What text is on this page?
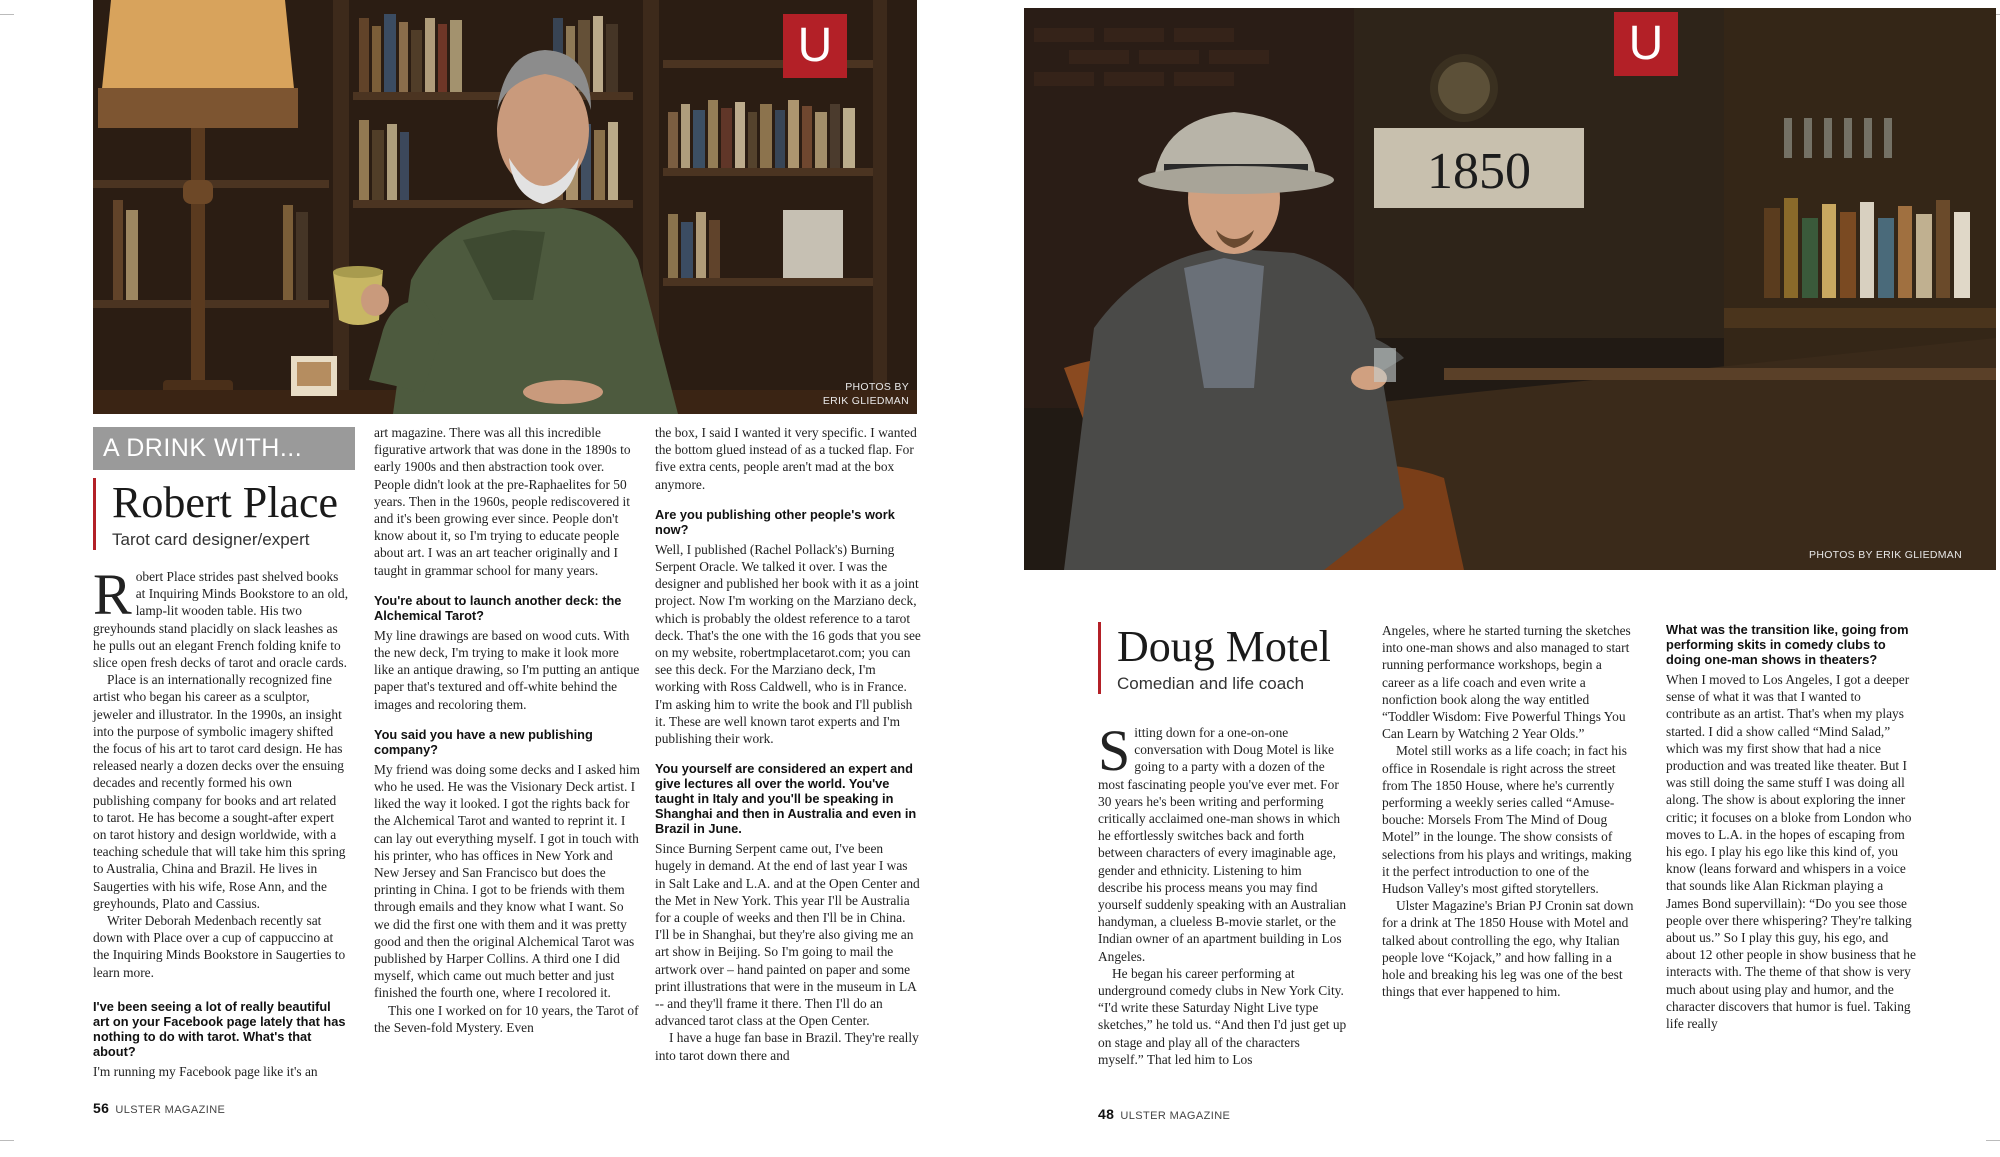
U
PHOTOS BY
ERIK GLIEDMAN
A DRINK WITH...
Robert Place
Tarot card designer/expert

Robert Place strides past shelved books at Inquiring Minds Bookstore to an old, lamp-lit wooden table. His two greyhounds stand placidly on slack leashes as he pulls out an elegant French folding knife to slice open fresh decks of tarot and oracle cards.

Place is an internationally recognized fine artist who began his career as a sculptor, jeweler and illustrator. In the 1990s, an insight into the purpose of symbolic imagery shifted the focus of his art to tarot card design. He has released nearly a dozen decks over the ensuing decades and recently formed his own publishing company for books and art related to tarot. He has become a sought-after expert on tarot history and design worldwide, with a teaching schedule that will take him this spring to Australia, China and Brazil. He lives in Saugerties with his wife, Rose Ann, and the greyhounds, Plato and Cassius.

Writer Deborah Medenbach recently sat down with Place over a cup of cappuccino at the Inquiring Minds Bookstore in Saugerties to learn more.

I've been seeing a lot of really beautiful art on your Facebook page lately that has nothing to do with tarot. What's that about?

I'm running my Facebook page like it's an

art magazine. There was all this incredible figurative artwork that was done in the 1890s to early 1900s and then abstraction took over. People didn't look at the pre-Raphaelites for 50 years. Then in the 1960s, people rediscovered it and it's been growing ever since. People don't know about it, so I'm trying to educate people about art. I was an art teacher originally and I taught in grammar school for many years.

You're about to launch another deck: the Alchemical Tarot?

My line drawings are based on wood cuts. With the new deck, I'm trying to make it look more like an antique drawing, so I'm putting an antique paper that's textured and off-white behind the images and recoloring them.

You said you have a new publishing company?

My friend was doing some decks and I asked him who he used. He was the Visionary Deck artist. I liked the way it looked. I got the rights back for the Alchemical Tarot and wanted to reprint it. I can lay out everything myself. I got in touch with his printer, who has offices in New York and New Jersey and San Francisco but does the printing in China. I got to be friends with them through emails and they know what I want. So we did the first one with them and it was pretty good and then the original Alchemical Tarot was published by Harper Collins. A third one I did myself, which came out much better and just finished the fourth one, where I recolored it.

This one I worked on for 10 years, the Tarot of the Seven-fold Mystery. Even

the box, I said I wanted it very specific. I wanted the bottom glued instead of as a tucked flap. For five extra cents, people aren't mad at the box anymore.

Are you publishing other people's work now?

Well, I published (Rachel Pollack's) Burning Serpent Oracle. We talked it over. I was the designer and published her book with it as a joint project. Now I'm working on the Marziano deck, which is probably the oldest reference to a tarot deck. That's the one with the 16 gods that you see on my website, robertmplacetarot.com; you can see this deck. For the Marziano deck, I'm working with Ross Caldwell, who is in France. I'm asking him to write the book and I'll publish it. These are well known tarot experts and I'm publishing their work.

You yourself are considered an expert and give lectures all over the world. You've taught in Italy and you'll be speaking in Shanghai and then in Australia and even in Brazil in June.

Since Burning Serpent came out, I've been hugely in demand. At the end of last year I was in Salt Lake and L.A. and at the Open Center and the Met in New York. This year I'll be Australia for a couple of weeks and then I'll be in China. I'll be in Shanghai, but they're also giving me an art show in Beijing. So I'm going to mail the artwork over – hand painted on paper and some print illustrations that were in the museum in LA -- and they'll frame it there. Then I'll do an advanced tarot class at the Open Center.

I have a huge fan base in Brazil. They're really into tarot down there and

56 ULSTER MAGAZINE
1850
U
PHOTOS BY ERIK GLIEDMAN
Doug Motel
Comedian and life coach

Sitting down for a one-on-one conversation with Doug Motel is like going to a party with a dozen of the most fascinating people you've ever met. For 30 years he's been writing and performing critically acclaimed one-man shows in which he effortlessly switches back and forth between characters of every imaginable age, gender and ethnicity. Listening to him describe his process means you may find yourself suddenly speaking with an Australian handyman, a clueless B-movie starlet, or the Indian owner of an apartment building in Los Angeles.

He began his career performing at underground comedy clubs in New York City. “I'd write these Saturday Night Live type sketches,” he told us. “And then I'd just get up on stage and play all of the characters myself.” That led him to Los

Angeles, where he started turning the sketches into one-man shows and also managed to start running performance workshops, begin a career as a life coach and even write a nonfiction book along the way entitled “Toddler Wisdom: Five Powerful Things You Can Learn by Watching 2 Year Olds.”

Motel still works as a life coach; in fact his office in Rosendale is right across the street from The 1850 House, where he's currently performing a weekly series called “Amuse-bouche: Morsels From The Mind of Doug Motel” in the lounge. The show consists of selections from his plays and writings, making it the perfect introduction to one of the Hudson Valley's most gifted storytellers.

Ulster Magazine's Brian PJ Cronin sat down for a drink at The 1850 House with Motel and talked about controlling the ego, why Italian people love “Kojack,” and how falling in a hole and breaking his leg was one of the best things that ever happened to him.

What was the transition like, going from performing skits in comedy clubs to doing one-man shows in theaters?

When I moved to Los Angeles, I got a deeper sense of what it was that I wanted to contribute as an artist. That's when my plays started. I did a show called “Mind Salad,” which was my first show that had a nice production and was treated like theater. But I was still doing the same stuff I was doing all along. The show is about exploring the inner critic; it focuses on a bloke from London who moves to L.A. in the hopes of escaping from his ego. I play his ego like this kind of, you know (leans forward and whispers in a voice that sounds like Alan Rickman playing a James Bond supervillain): “Do you see those people over there whispering? They're talking about us.” So I play this guy, his ego, and about 12 other people in show business that he interacts with. The theme of that show is very much about using play and humor, and the character discovers that humor is fuel. Taking life really

48 ULSTER MAGAZINE
